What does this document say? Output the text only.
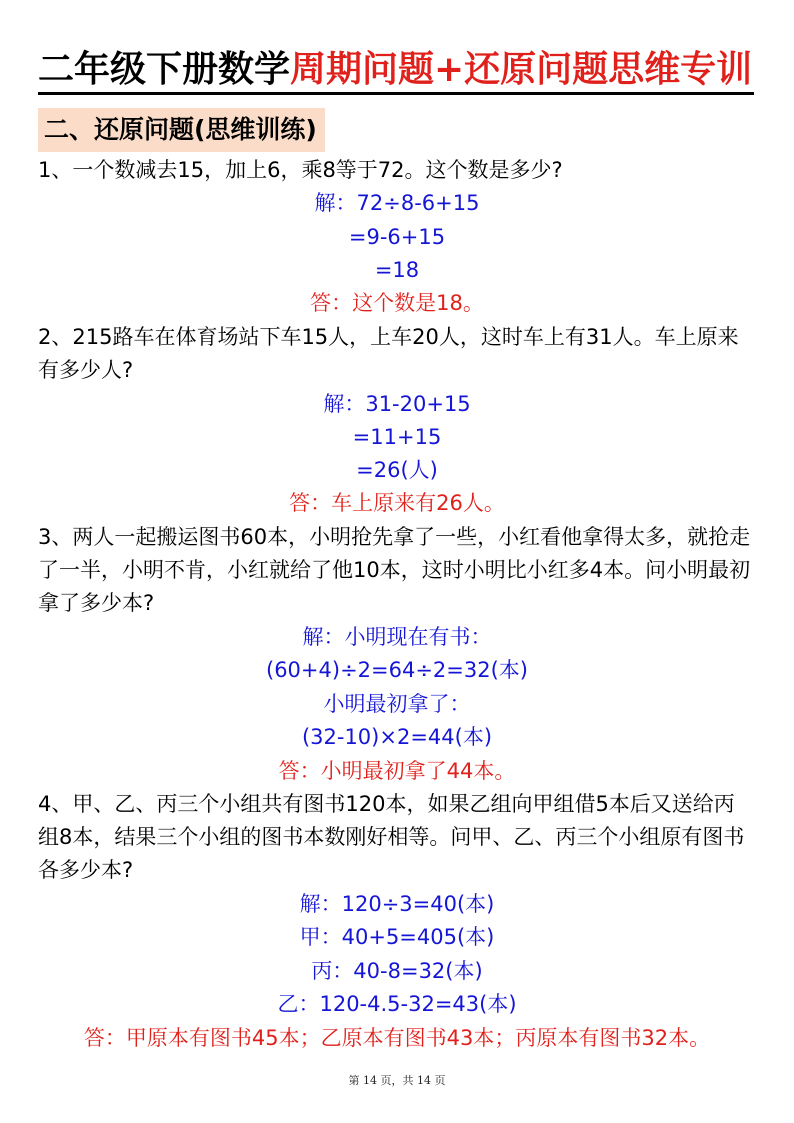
二年级下册数学周期问题+还原问题思维专训
二、还原问题(思维训练)
1、一个数减去15，加上6，乘8等于72。这个数是多少?
解：72÷8-6+15
=9-6+15
=18
答：这个数是18。
2、215路车在体育场站下车15人，上车20人，这时车上有31人。车上原来有多少人?
解：31-20+15
=11+15
=26(人)
答：车上原来有26人。
3、两人一起搬运图书60本，小明抢先拿了一些，小红看他拿得太多，就抢走了一半，小明不肯，小红就给了他10本，这时小明比小红多4本。问小明最初拿了多少本?
解：小明现在有书：
(60+4)÷2=64÷2=32(本)
小明最初拿了：
(32-10)×2=44(本)
答：小明最初拿了44本。
4、甲、乙、丙三个小组共有图书120本，如果乙组向甲组借5本后又送给丙组8本，结果三个小组的图书本数刚好相等。问甲、乙、丙三个小组原有图书各多少本?
解：120÷3=40(本)
甲：40+5=405(本)
丙：40-8=32(本)
乙：120-4.5-32=43(本)
答：甲原本有图书45本；乙原本有图书43本；丙原本有图书32本。
第 14 页，共 14 页
